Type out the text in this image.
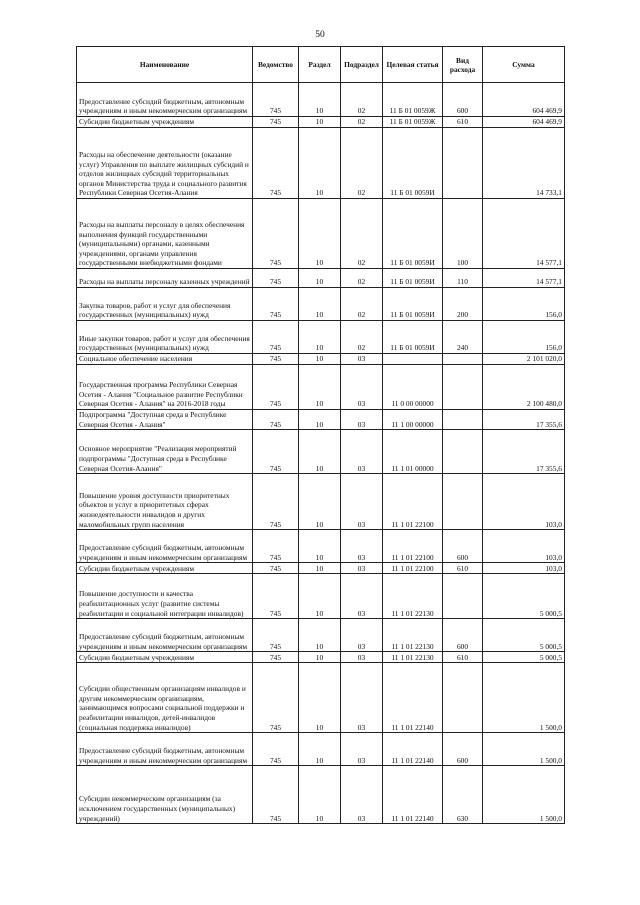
50
Наименование	Ведомство	Раздел	Подраздел	Целевая статья	Вид расхода	Сумма
Предоставление субсидий бюджетным, автономным учреждениям и иным некоммерческим организациям	745	10	02	11 Б 01 0059Ж	600	604 469,9
Субсидии бюджетным учреждениям	745	10	02	11 Б 01 0059Ж	610	604 469,9
Расходы на обеспечение деятельности (оказание услуг) Управления по выплате жилищных субсидий и отделов жилищных субсидий территориальных органов Министерства труда и социального развития Республики Северная Осетия-Алания	745	10	02	11 Б 01 0059И		14 733,1
Расходы на выплаты персоналу в целях обеспечения выполнения функций государственными (муниципальными) органами, казенными учреждениями, органами управления государственными внебюджетными фондами	745	10	02	11 Б 01 0059И	100	14 577,1
Расходы на выплаты персоналу казенных учреждений	745	10	02	11 Б 01 0059И	110	14 577,1
Закупка товаров, работ и услуг для обеспечения государственных (муниципальных) нужд	745	10	02	11 Б 01 0059И	200	156,0
Иные закупки товаров, работ и услуг для обеспечения государственных (муниципальных) нужд	745	10	02	11 Б 01 0059И	240	156,0
Социальное обеспечение населения	745	10	03			2 101 020,0
Государственная программа Республики Северная Осетия - Алания "Социальное развитие Республики Северная Осетия - Алания" на 2016-2018 годы	745	10	03	11 0 00 00000		2 100 480,0
Подпрограмма "Доступная среда в Республике Северная Осетия - Алания"	745	10	03	11 1 00 00000		17 355,6
Основное мероприятие "Реализация мероприятий подпрограммы "Доступная среда в Республике Северная Осетия-Алания"	745	10	03	11 1 01 00000		17 355,6
Повышение уровня доступности приоритетных объектов и услуг в приоритетных сферах жизнедеятельности инвалидов и других маломобильных групп населения	745	10	03	11 1 01 22100		103,0
Предоставление субсидий бюджетным, автономным учреждениям и иным некоммерческим организациям	745	10	03	11 1 01 22100	600	103,0
Субсидии бюджетным учреждениям	745	10	03	11 1 01 22100	610	103,0
Повышение доступности и качества реабилитационных услуг (развитие системы реабилитации и социальной интеграции инвалидов)	745	10	03	11 1 01 22130		5 000,5
Предоставление субсидий бюджетным, автономным учреждениям и иным некоммерческим организациям	745	10	03	11 1 01 22130	600	5 000,5
Субсидии бюджетным учреждениям	745	10	03	11 1 01 22130	610	5 000,5
Субсидии общественным организациям инвалидов и другим некоммерческим организациям, занимающимся вопросами социальной поддержки и реабилитации инвалидов, детей-инвалидов (социальная поддержка инвалидов)	745	10	03	11 1 01 22140		1 500,0
Предоставление субсидий бюджетным, автономным учреждениям и иным некоммерческим организациям	745	10	03	11 1 01 22140	600	1 500,0
Субсидии некоммерческим организациям (за исключением государственных (муниципальных) учреждений)	745	10	03	11 1 01 22140	630	1 500,0
